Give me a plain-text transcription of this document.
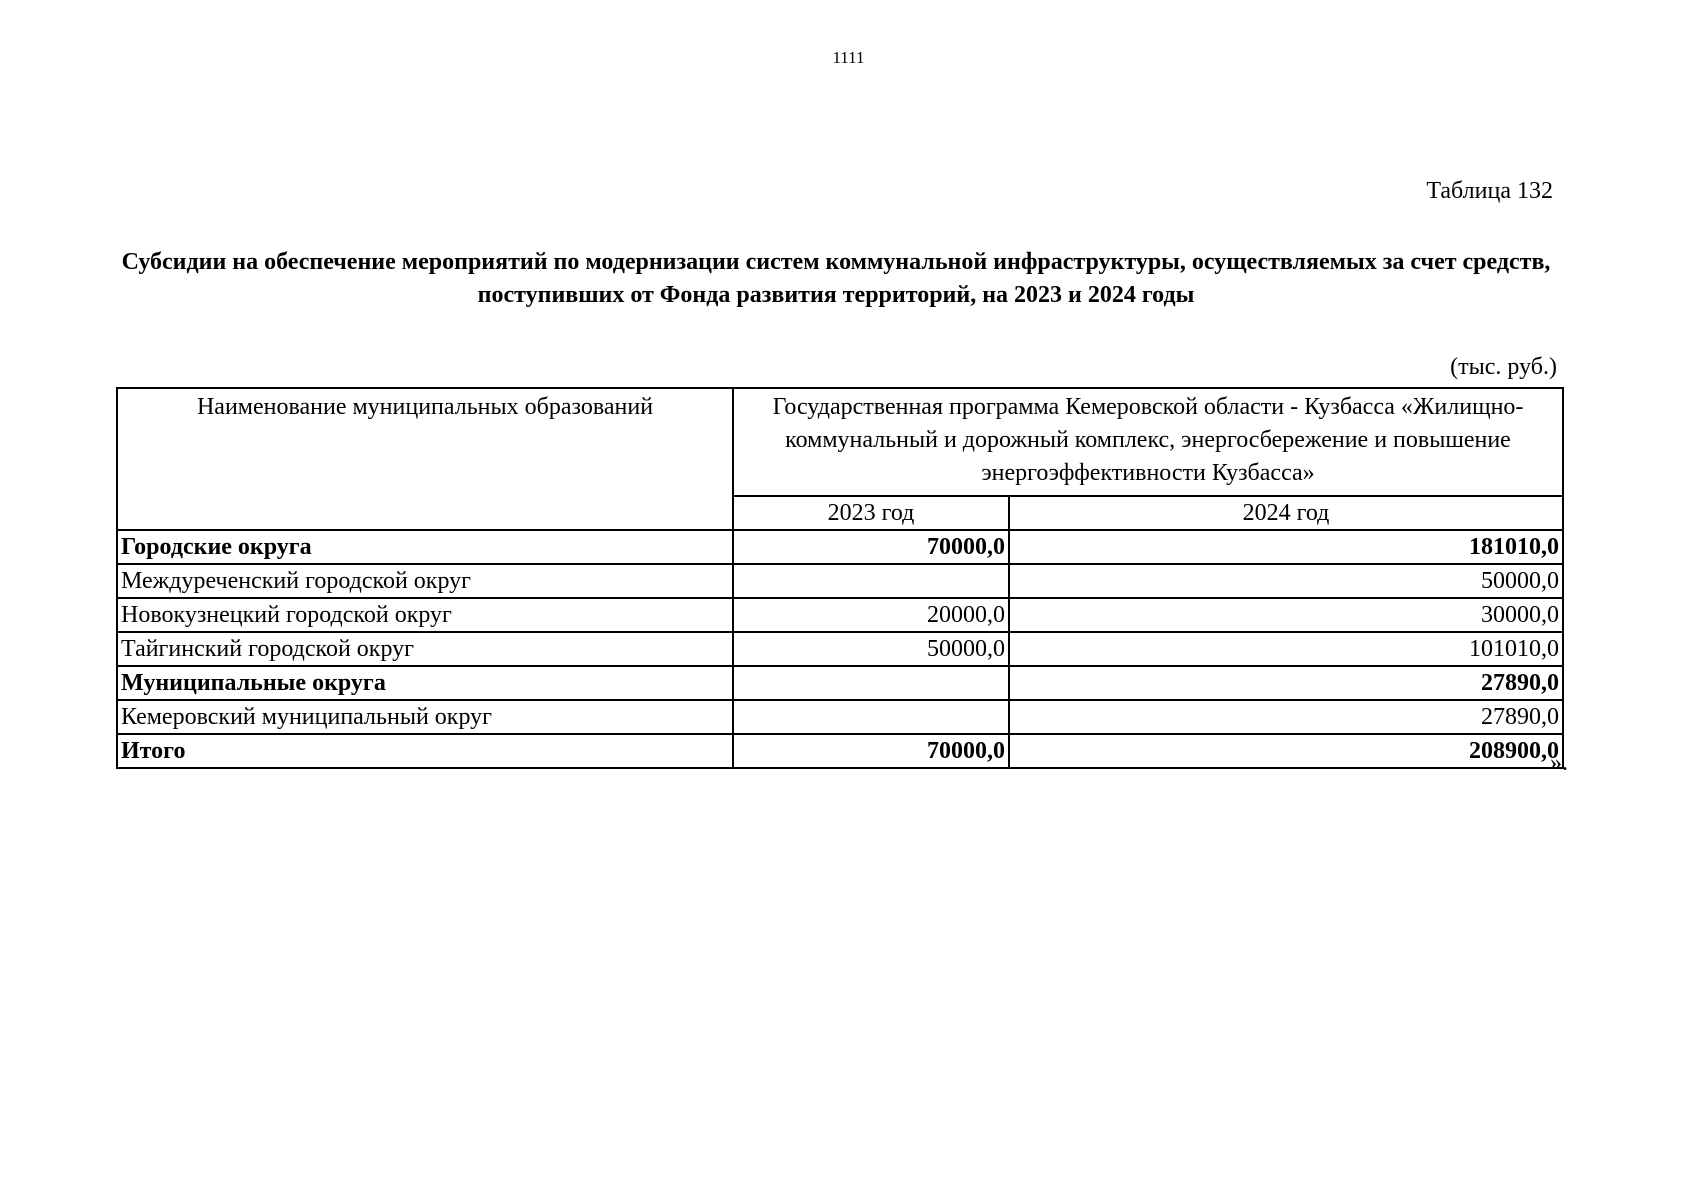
1111
Таблица 132
Субсидии на обеспечение мероприятий по модернизации систем коммунальной инфраструктуры, осуществляемых за счет средств, поступивших от Фонда развития территорий, на 2023 и 2024 годы
(тыс. руб.)
Наименование муниципальных образований	Государственная программа Кемеровской области - Кузбасса «Жилищно-коммунальный и дорожный комплекс, энергосбережение и повышение энергоэффективности Кузбасса»	
	2023 год	2024 год
Городские округа	70000,0	181010,0
Междуреченский городской округ		50000,0
Новокузнецкий городской округ	20000,0	30000,0
Тайгинский городской округ	50000,0	101010,0
Муниципальные округа		27890,0
Кемеровский муниципальный округ		27890,0
Итого	70000,0	208900,0
».
